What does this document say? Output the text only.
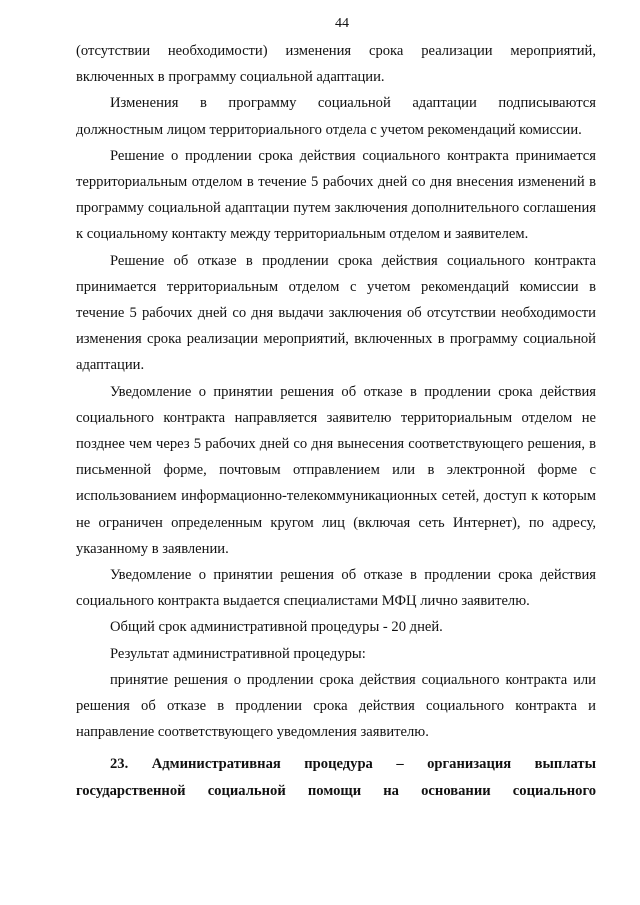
44

(отсутствии необходимости) изменения срока реализации мероприятий, включенных в программу социальной адаптации.

Изменения в программу социальной адаптации подписываются должностным лицом территориального отдела с учетом рекомендаций комиссии.

Решение о продлении срока действия социального контракта принимается территориальным отделом в течение 5 рабочих дней со дня внесения изменений в программу социальной адаптации путем заключения дополнительного соглашения к социальному контакту между территориальным отделом и заявителем.

Решение об отказе в продлении срока действия социального контракта принимается территориальным отделом с учетом рекомендаций комиссии в течение 5 рабочих дней со дня выдачи заключения об отсутствии необходимости изменения срока реализации мероприятий, включенных в программу социальной адаптации.

Уведомление о принятии решения об отказе в продлении срока действия социального контракта направляется заявителю территориальным отделом не позднее чем через 5 рабочих дней со дня вынесения соответствующего решения, в письменной форме, почтовым отправлением или в электронной форме с использованием информационно-телекоммуникационных сетей, доступ к которым не ограничен определенным кругом лиц (включая сеть Интернет), по адресу, указанному в заявлении.

Уведомление о принятии решения об отказе в продлении срока действия социального контракта выдается специалистами МФЦ лично заявителю.

Общий срок административной процедуры - 20 дней.

Результат административной процедуры:

принятие решения о продлении срока действия социального контракта или решения об отказе в продлении срока действия социального контракта и направление соответствующего уведомления заявителю.

23. Административная процедура – организация выплаты государственной социальной помощи на основании социального
